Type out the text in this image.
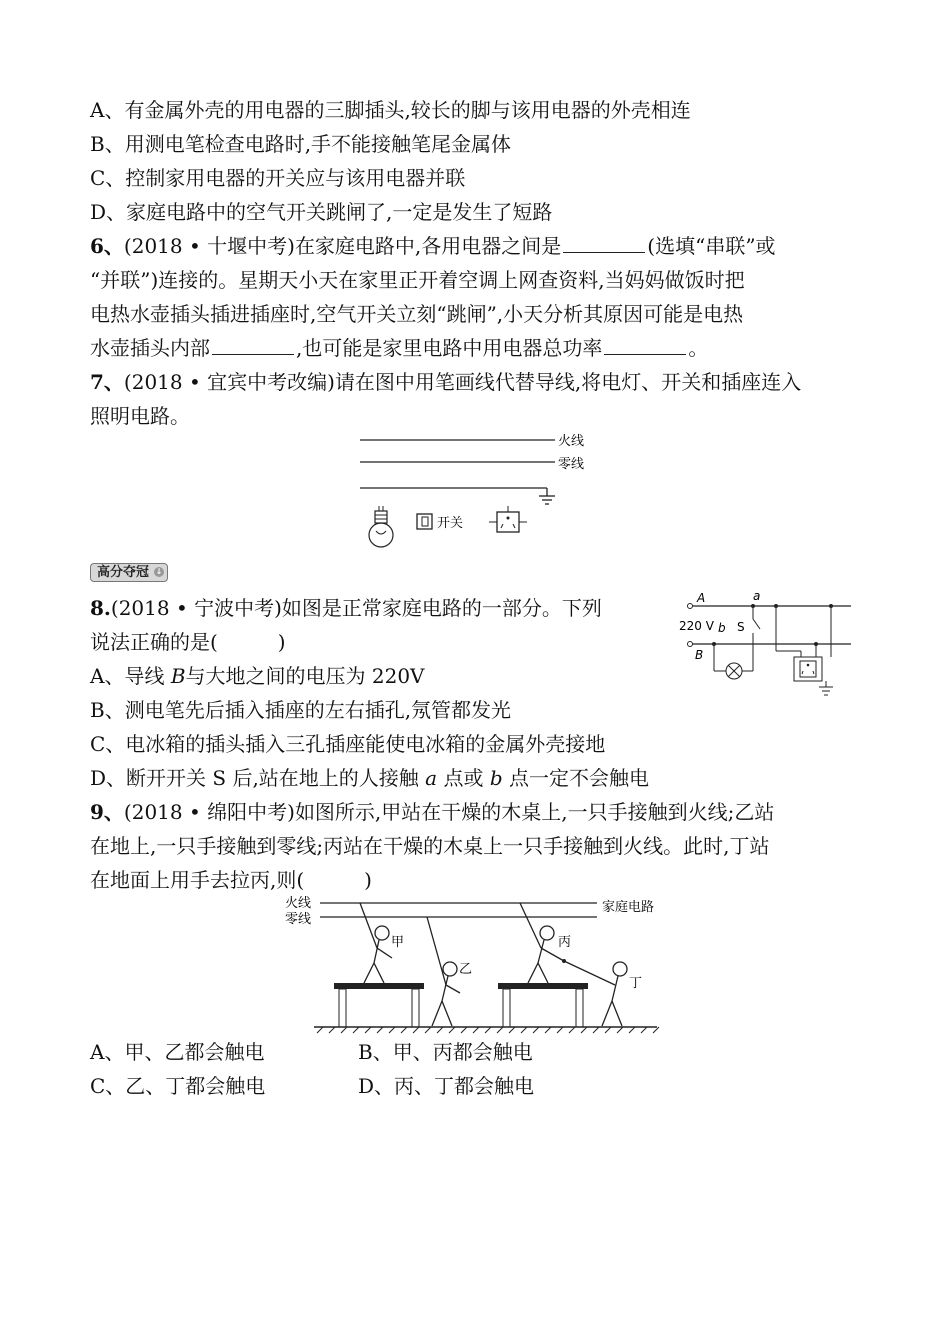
A、有金属外壳的用电器的三脚插头,较长的脚与该用电器的外壳相连
B、用测电笔检查电路时,手不能接触笔尾金属体
C、控制家用电器的开关应与该用电器并联
D、家庭电路中的空气开关跳闸了,一定是发生了短路
6、(2018 • 十堰中考)在家庭电路中,各用电器之间是	(选填“串联”或
“并联”)连接的。星期天小天在家里正开着空调上网查资料,当妈妈做饭时把
电热水壶插头插进插座时,空气开关立刻“跳闸”,小天分析其原因可能是电热
水壶插头内部	,也可能是家里电路中用电器总功率	。
7、(2018 • 宜宾中考改编)请在图中用笔画线代替导线,将电灯、开关和插座连入
照明电路。
火线
零线
开关
高分夺冠 ↓
8.(2018 • 宁波中考)如图是正常家庭电路的一部分。下列
说法正确的是(　　　)
A、导线 B与大地之间的电压为 220V
B、测电笔先后插入插座的左右插孔,氖管都发光
C、电冰箱的插头插入三孔插座能使电冰箱的金属外壳接地
D、断开开关 S 后,站在地上的人接触 a 点或 b 点一定不会触电
A	a
220 V b S
B
9、(2018 • 绵阳中考)如图所示,甲站在干燥的木桌上,一只手接触到火线;乙站
在地上,一只手接触到零线;丙站在干燥的木桌上一只手接触到火线。此时,丁站
在地面上用手去拉丙,则(　　　)
火线
零线
家庭电路
甲
乙
丙
丁
A、甲、乙都会触电	B、甲、丙都会触电
C、乙、丁都会触电	D、丙、丁都会触电
